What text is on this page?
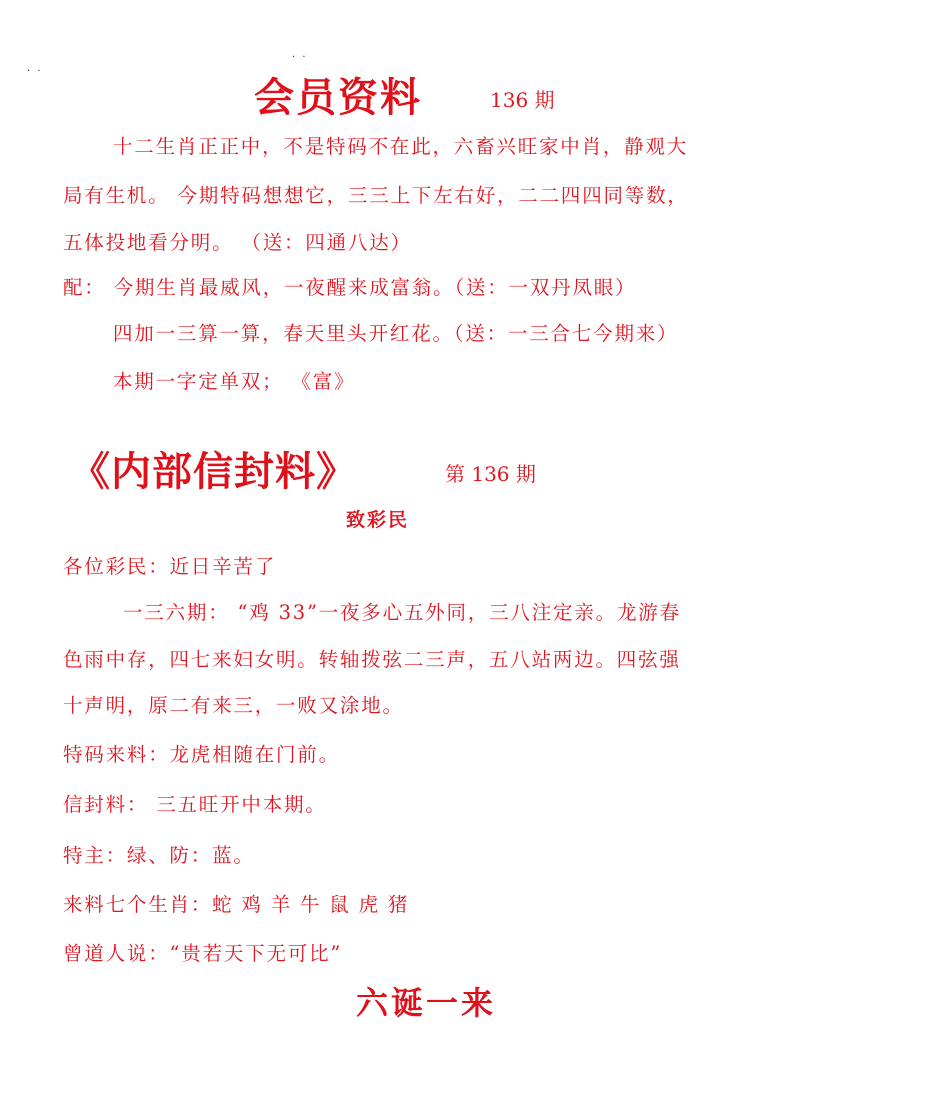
· ·
· ·
会员资料	136 期
十二生肖正正中，不是特码不在此，六畜兴旺家中肖，静观大
局有生机。 今期特码想想它，三三上下左右好，二二四四同等数，
五体投地看分明。 （送：四通八达）
配： 今期生肖最威风，一夜醒来成富翁。（送：一双丹凤眼）
四加一三算一算，春天里头开红花。（送：一三合七今期来）
本期一字定单双； 《富》
《内部信封料》	第 136 期
致彩民
各位彩民：近日辛苦了
一三六期： “鸡 33”一夜多心五外同，三八注定亲。龙游春
色雨中存，四七来妇女明。转轴拨弦二三声，五八站两边。四弦强
十声明，原二有来三，一败又涂地。
特码来料：龙虎相随在门前。
信封料： 三五旺开中本期。
特主：绿、防：蓝。
来料七个生肖：蛇 鸡 羊 牛 鼠 虎 猪
曾道人说：“贵若天下无可比”
六诞一来
